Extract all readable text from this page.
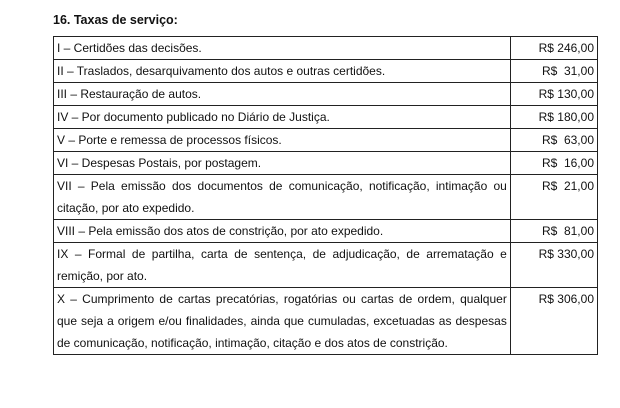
16. Taxas de serviço:
I – Certidões das decisões.	R$ 246,00
II – Traslados, desarquivamento dos autos e outras certidões.	R$  31,00
III – Restauração de autos.	R$ 130,00
IV – Por documento publicado no Diário de Justiça.	R$ 180,00
V – Porte e remessa de processos físicos.	R$  63,00
VI – Despesas Postais, por postagem.	R$  16,00
VII – Pela emissão dos documentos de comunicação, notificação, intimação ou citação, por ato expedido.	R$  21,00
VIII – Pela emissão dos atos de constrição, por ato expedido.	R$  81,00
IX – Formal de partilha, carta de sentença, de adjudicação, de arrematação e remição, por ato.	R$ 330,00
X – Cumprimento de cartas precatórias, rogatórias ou cartas de ordem, qualquer que seja a origem e/ou finalidades, ainda que cumuladas, excetuadas as despesas de comunicação, notificação, intimação, citação e dos atos de constrição.	R$ 306,00
